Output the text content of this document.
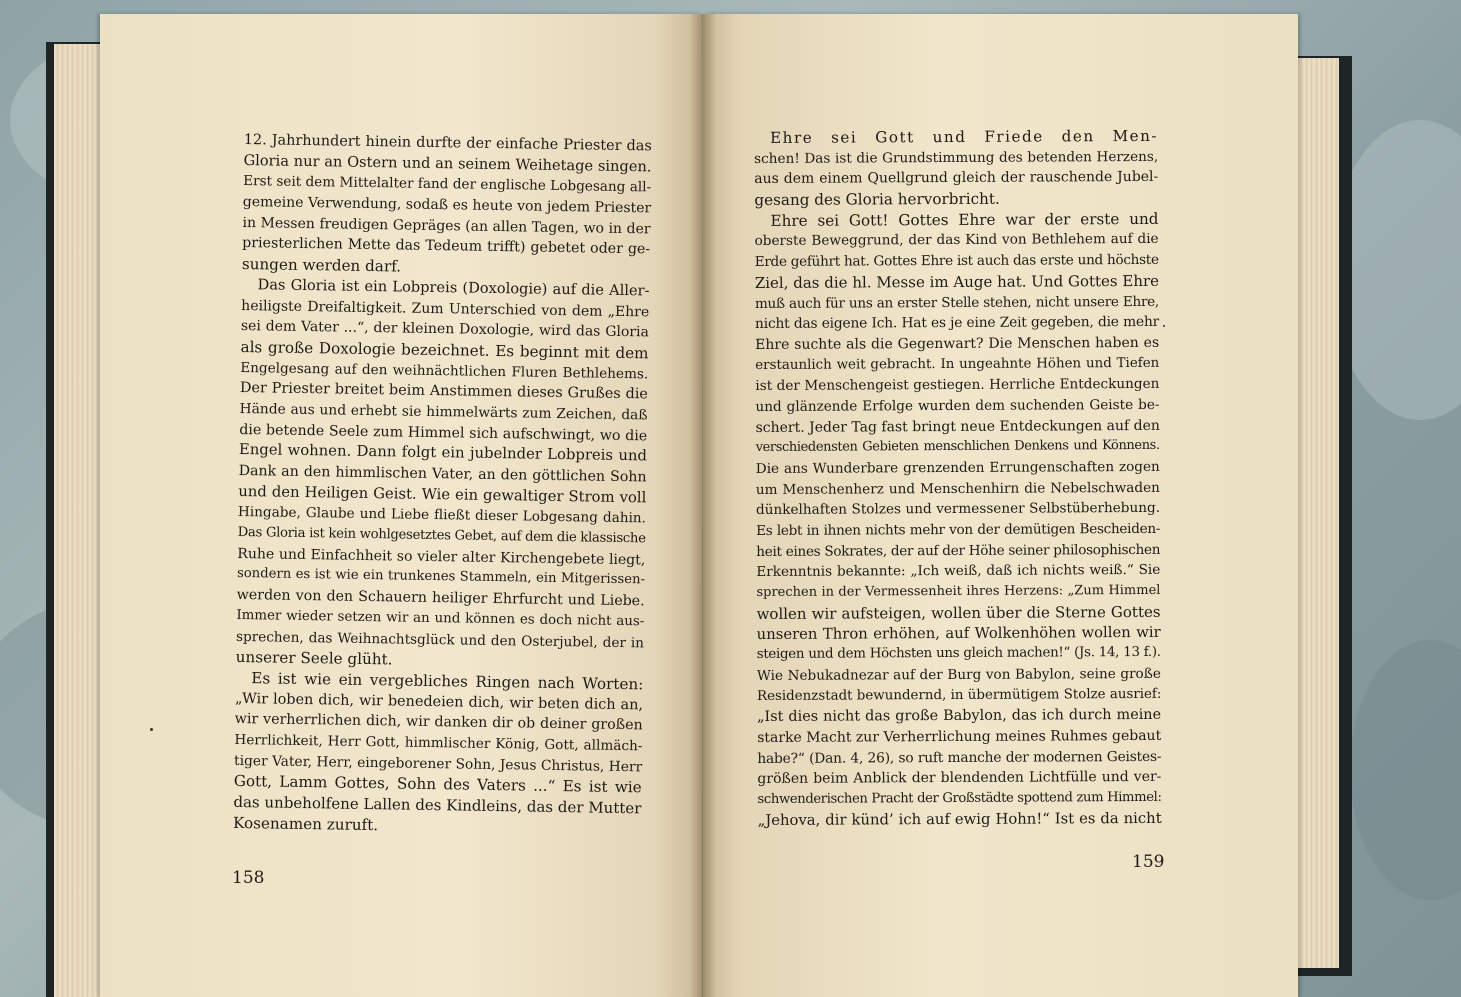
12. Jahrhundert hinein durfte der einfache Priester das
Gloria nur an Ostern und an seinem Weihetage singen.
Erst seit dem Mittelalter fand der englische Lobgesang all-
gemeine Verwendung, sodaß es heute von jedem Priester
in Messen freudigen Gepräges (an allen Tagen, wo in der
priesterlichen Mette das Tedeum trifft) gebetet oder ge-
sungen werden darf.
Das Gloria ist ein Lobpreis (Doxologie) auf die Aller-
heiligste Dreifaltigkeit. Zum Unterschied von dem „Ehre
sei dem Vater ...“, der kleinen Doxologie, wird das Gloria
als große Doxologie bezeichnet. Es beginnt mit dem
Engelgesang auf den weihnächtlichen Fluren Bethlehems.
Der Priester breitet beim Anstimmen dieses Grußes die
Hände aus und erhebt sie himmelwärts zum Zeichen, daß
die betende Seele zum Himmel sich aufschwingt, wo die
Engel wohnen. Dann folgt ein jubelnder Lobpreis und
Dank an den himmlischen Vater, an den göttlichen Sohn
und den Heiligen Geist. Wie ein gewaltiger Strom voll
Hingabe, Glaube und Liebe fließt dieser Lobgesang dahin.
Das Gloria ist kein wohlgesetztes Gebet, auf dem die klassische
Ruhe und Einfachheit so vieler alter Kirchengebete liegt,
sondern es ist wie ein trunkenes Stammeln, ein Mitgerissen-
werden von den Schauern heiliger Ehrfurcht und Liebe.
Immer wieder setzen wir an und können es doch nicht aus-
sprechen, das Weihnachtsglück und den Osterjubel, der in
unserer Seele glüht.
Es ist wie ein vergebliches Ringen nach Worten:
„Wir loben dich, wir benedeien dich, wir beten dich an,
wir verherrlichen dich, wir danken dir ob deiner großen
Herrlichkeit, Herr Gott, himmlischer König, Gott, allmäch-
tiger Vater, Herr, eingeborener Sohn, Jesus Christus, Herr
Gott, Lamm Gottes, Sohn des Vaters ...“ Es ist wie
das unbeholfene Lallen des Kindleins, das der Mutter
Kosenamen zuruft.
Ehre sei Gott und Friede den Men-
schen! Das ist die Grundstimmung des betenden Herzens,
aus dem einem Quellgrund gleich der rauschende Jubel-
gesang des Gloria hervorbricht.
Ehre sei Gott! Gottes Ehre war der erste und
oberste Beweggrund, der das Kind von Bethlehem auf die
Erde geführt hat. Gottes Ehre ist auch das erste und höchste
Ziel, das die hl. Messe im Auge hat. Und Gottes Ehre
muß auch für uns an erster Stelle stehen, nicht unsere Ehre,
nicht das eigene Ich. Hat es je eine Zeit gegeben, die mehr
Ehre suchte als die Gegenwart? Die Menschen haben es
erstaunlich weit gebracht. In ungeahnte Höhen und Tiefen
ist der Menschengeist gestiegen. Herrliche Entdeckungen
und glänzende Erfolge wurden dem suchenden Geiste be-
schert. Jeder Tag fast bringt neue Entdeckungen auf den
verschiedensten Gebieten menschlichen Denkens und Könnens.
Die ans Wunderbare grenzenden Errungenschaften zogen
um Menschenherz und Menschenhirn die Nebelschwaden
dünkelhaften Stolzes und vermessener Selbstüberhebung.
Es lebt in ihnen nichts mehr von der demütigen Bescheiden-
heit eines Sokrates, der auf der Höhe seiner philosophischen
Erkenntnis bekannte: „Ich weiß, daß ich nichts weiß.“ Sie
sprechen in der Vermessenheit ihres Herzens: „Zum Himmel
wollen wir aufsteigen, wollen über die Sterne Gottes
unseren Thron erhöhen, auf Wolkenhöhen wollen wir
steigen und dem Höchsten uns gleich machen!“ (Js. 14, 13 f.).
Wie Nebukadnezar auf der Burg von Babylon, seine große
Residenzstadt bewundernd, in übermütigem Stolze ausrief:
„Ist dies nicht das große Babylon, das ich durch meine
starke Macht zur Verherrlichung meines Ruhmes gebaut
habe?“ (Dan. 4, 26), so ruft manche der modernen Geistes-
größen beim Anblick der blendenden Lichtfülle und ver-
schwenderischen Pracht der Großstädte spottend zum Himmel:
„Jehova, dir künd’ ich auf ewig Hohn!“ Ist es da nicht
158
159
